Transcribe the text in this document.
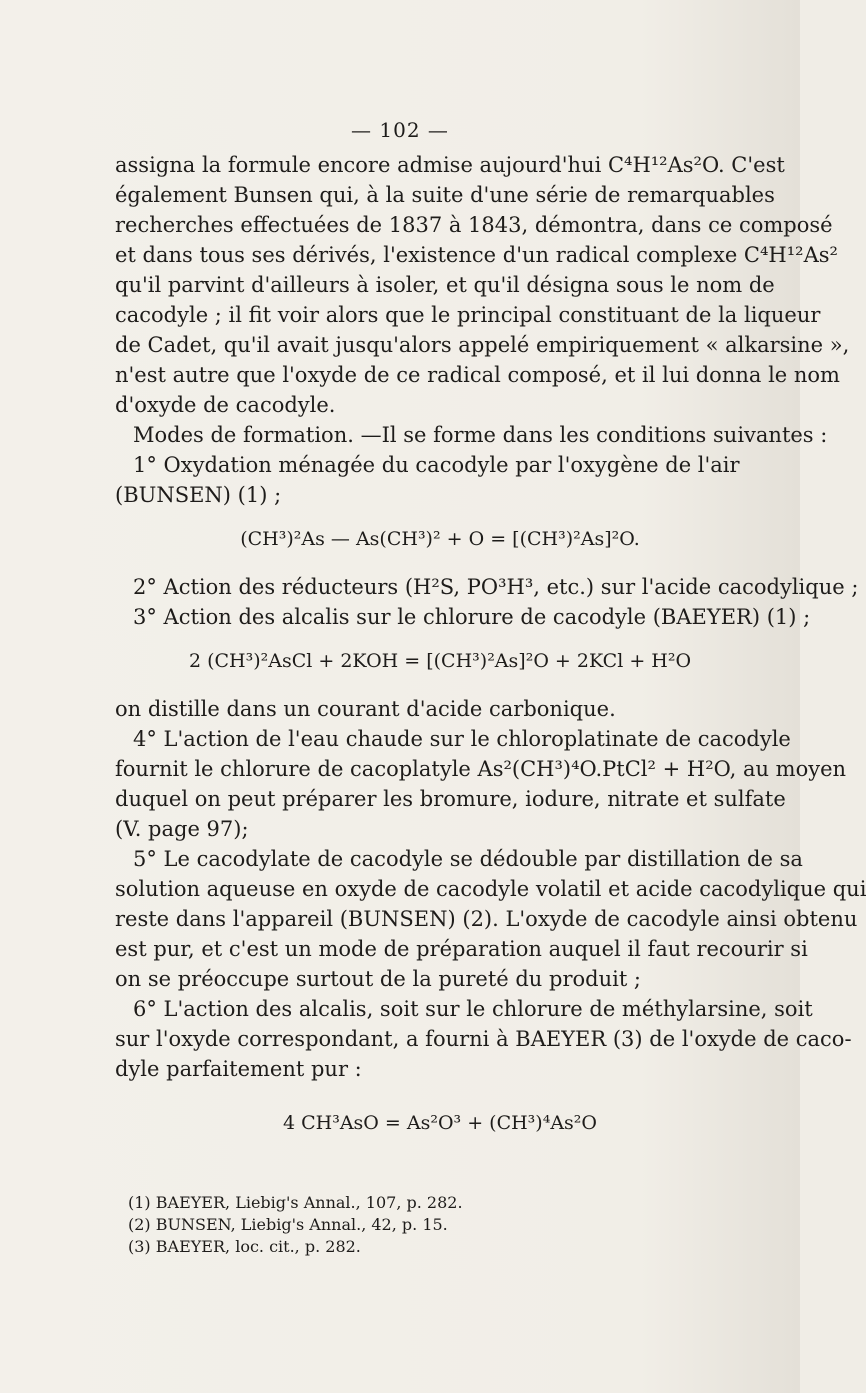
— 102 —
assigna la formule encore admise aujourd'hui C⁴H¹²As²O. C'est
également Bunsen qui, à la suite d'une série de remarquables
recherches effectuées de 1837 à 1843, démontra, dans ce composé
et dans tous ses dérivés, l'existence d'un radical complexe C⁴H¹²As²
qu'il parvint d'ailleurs à isoler, et qu'il désigna sous le nom de
cacodyle ; il fit voir alors que le principal constituant de la liqueur
de Cadet, qu'il avait jusqu'alors appelé empiriquement « alkarsine »,
n'est autre que l'oxyde de ce radical composé, et il lui donna le nom
d'oxyde de cacodyle.
Modes de formation. —Il se forme dans les conditions suivantes :
1° Oxydation ménagée du cacodyle par l'oxygène de l'air
(BUNSEN) (1) ;
(CH³)²As — As(CH³)² + O = [(CH³)²As]²O.
2° Action des réducteurs (H²S, PO³H³, etc.) sur l'acide cacodylique ;
3° Action des alcalis sur le chlorure de cacodyle (BAEYER) (1) ;
2 (CH³)²AsCl + 2KOH = [(CH³)²As]²O + 2KCl + H²O
on distille dans un courant d'acide carbonique.
4° L'action de l'eau chaude sur le chloroplatinate de cacodyle
fournit le chlorure de cacoplatyle As²(CH³)⁴O.PtCl² + H²O, au moyen
duquel on peut préparer les bromure, iodure, nitrate et sulfate
(V. page 97);
5° Le cacodylate de cacodyle se dédouble par distillation de sa
solution aqueuse en oxyde de cacodyle volatil et acide cacodylique qui
reste dans l'appareil (BUNSEN) (2). L'oxyde de cacodyle ainsi obtenu
est pur, et c'est un mode de préparation auquel il faut recourir si
on se préoccupe surtout de la pureté du produit ;
6° L'action des alcalis, soit sur le chlorure de méthylarsine, soit
sur l'oxyde correspondant, a fourni à BAEYER (3) de l'oxyde de caco-
dyle parfaitement pur :
4 CH³AsO = As²O³ + (CH³)⁴As²O
(1) BAEYER, Liebig's Annal., 107, p. 282.
(2) BUNSEN, Liebig's Annal., 42, p. 15.
(3) BAEYER, loc. cit., p. 282.
